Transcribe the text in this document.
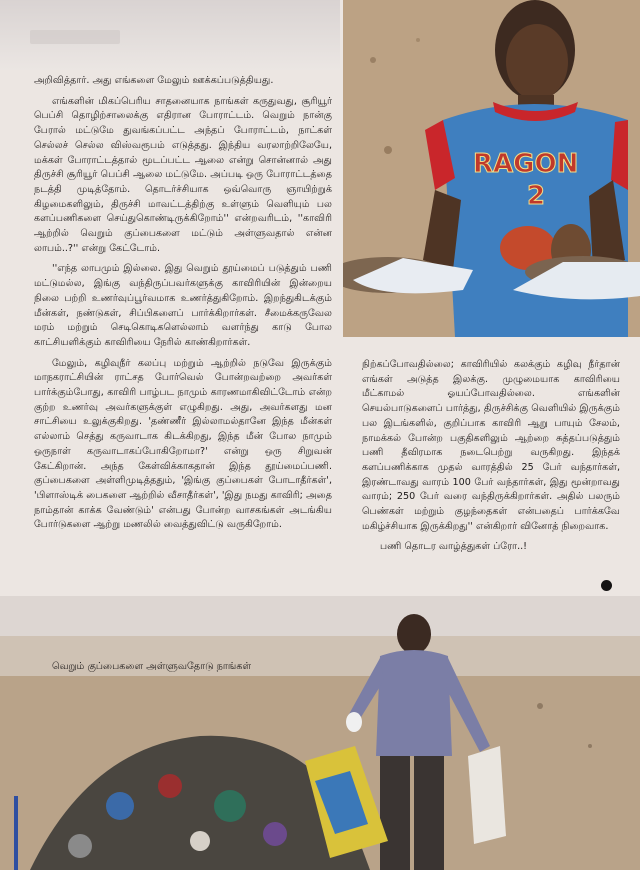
RAGON
2

அறிவித்தார். அது எங்களை மேலும் ஊக்கப்படுத்தியது.

எங்களின் மிகப்பெரிய சாதனையாக நாங்கள் கருதுவது, சூரியூர் பெப்சி தொழிற்சாலைக்கு எதிரான போராட்டம். வெறும் நான்கு பேரால் மட்டுமே துவங்கப்பட்ட அந்தப் போராட்டம், நாட்கள் செல்லச் செல்ல விஸ்வரூபம் எடுத்தது. இந்திய வரலாற்றிலேயே, மக்கள் போராட்டத்தால் மூடப்பட்ட ஆலை என்று சொன்னால் அது திருச்சி சூரியூர் பெப்சி ஆலை மட்டுமே. அப்படி ஒரு போராட்டத்தை நடத்தி முடித்தோம். தொடர்ச்சியாக ஒவ்வொரு ஞாயிற்றுக் கிழமைகளிலும், திருச்சி மாவட்டத்திற்கு உள்ளும் வெளியும் பல களப்பணிகளை செய்துகொண்டிருக்கிறோம்'' என்றவரிடம், ''காவிரி ஆற்றில் வெறும் குப்பைகளை மட்டும் அள்ளுவதால் என்ன லாபம்..?'' என்று கேட்டோம்.

''எந்த லாபமும் இல்லை. இது வெறும் தூய்மைப் படுத்தும் பணி மட்டுமல்ல, இங்கு வந்திருப்பவர்களுக்கு காவிரியின் இன்றைய நிலை பற்றி உணர்வுப்பூர்வமாக உணர்த்துகிறோம். இறந்துகிடக்கும் மீன்கள், நண்டுகள், சிப்பிகளைப் பார்க்கிறார்கள். சீமைக்கருவேல மரம் மற்றும் செடிகொடிகளெல்லாம் வளர்ந்து காடு போல காட்சியளிக்கும் காவிரியை நேரில் காண்கிறார்கள்.

மேலும், கழிவுநீர் கலப்பு மற்றும் ஆற்றில் நடுவே இருக்கும் மாநகராட்சியின் ராட்சத போர்வெல் போன்றவற்றை அவர்கள் பார்க்கும்போது, காவிரி பாழ்பட நாமும் காரணமாகிவிட்டோம் என்ற குற்ற உணர்வு அவர்களுக்குள் எழுகிறது. அது, அவர்களது மன சாட்சியை உலுக்குகிறது. 'தண்ணீர் இல்லாமல்தானே இந்த மீன்கள் எல்லாம் செத்து கருவாடாக கிடக்கிறது, இந்த மீன் போல நாமும் ஒருநாள் கருவாடாகப்போகிறோமா?' என்று ஒரு சிறுவன் கேட்கிறான். அந்த கேள்விக்காகதான் இந்த தூய்மைப்பணி. குப்பைகளை அள்ளிமுடித்ததும், 'இங்கு குப்பைகள் போடாதீர்கள்', 'பிளாஸ்டிக் பைகளை ஆற்றில் வீசாதீர்கள்', 'இது நமது காவிரி; அதை நாம்தான் காக்க வேண்டும்' என்பது போன்ற வாசகங்கள் அடங்கிய போர்டுகளை ஆற்று மணலில் வைத்துவிட்டு வருகிறோம்.

நிற்கப்போவதில்லை; காவிரியில் கலக்கும் கழிவு நீர்தான் எங்கள் அடுத்த இலக்கு. முழுமையாக காவிரியை மீட்காமல் ஓயப்போவதில்லை. எங்களின் செயல்பாடுகளைப் பார்த்து, திருச்சிக்கு வெளியில் இருக்கும் பல இடங்களில், குறிப்பாக காவிரி ஆறு பாயும் சேலம், நாமக்கல் போன்ற பகுதிகளிலும் ஆற்றை சுத்தப்படுத்தும் பணி தீவிரமாக நடைபெற்று வருகிறது. இந்தக் களப்பணிக்காக முதல் வாரத்தில் 25 பேர் வந்தார்கள், இரண்டாவது வாரம் 100 பேர் வந்தார்கள், இது மூன்றாவது வாரம்; 250 பேர் வரை வந்திருக்கிறார்கள். அதில் பலரும் பெண்கள் மற்றும் குழந்தைகள் என்பதைப் பார்க்கவே மகிழ்ச்சியாக இருக்கிறது'' என்கிறார் வினோத் நிறைவாக.

பணி தொடர வாழ்த்துகள் ப்ரோ..!

வெறும் குப்பைகளை அள்ளுவதோடு நாங்கள்
